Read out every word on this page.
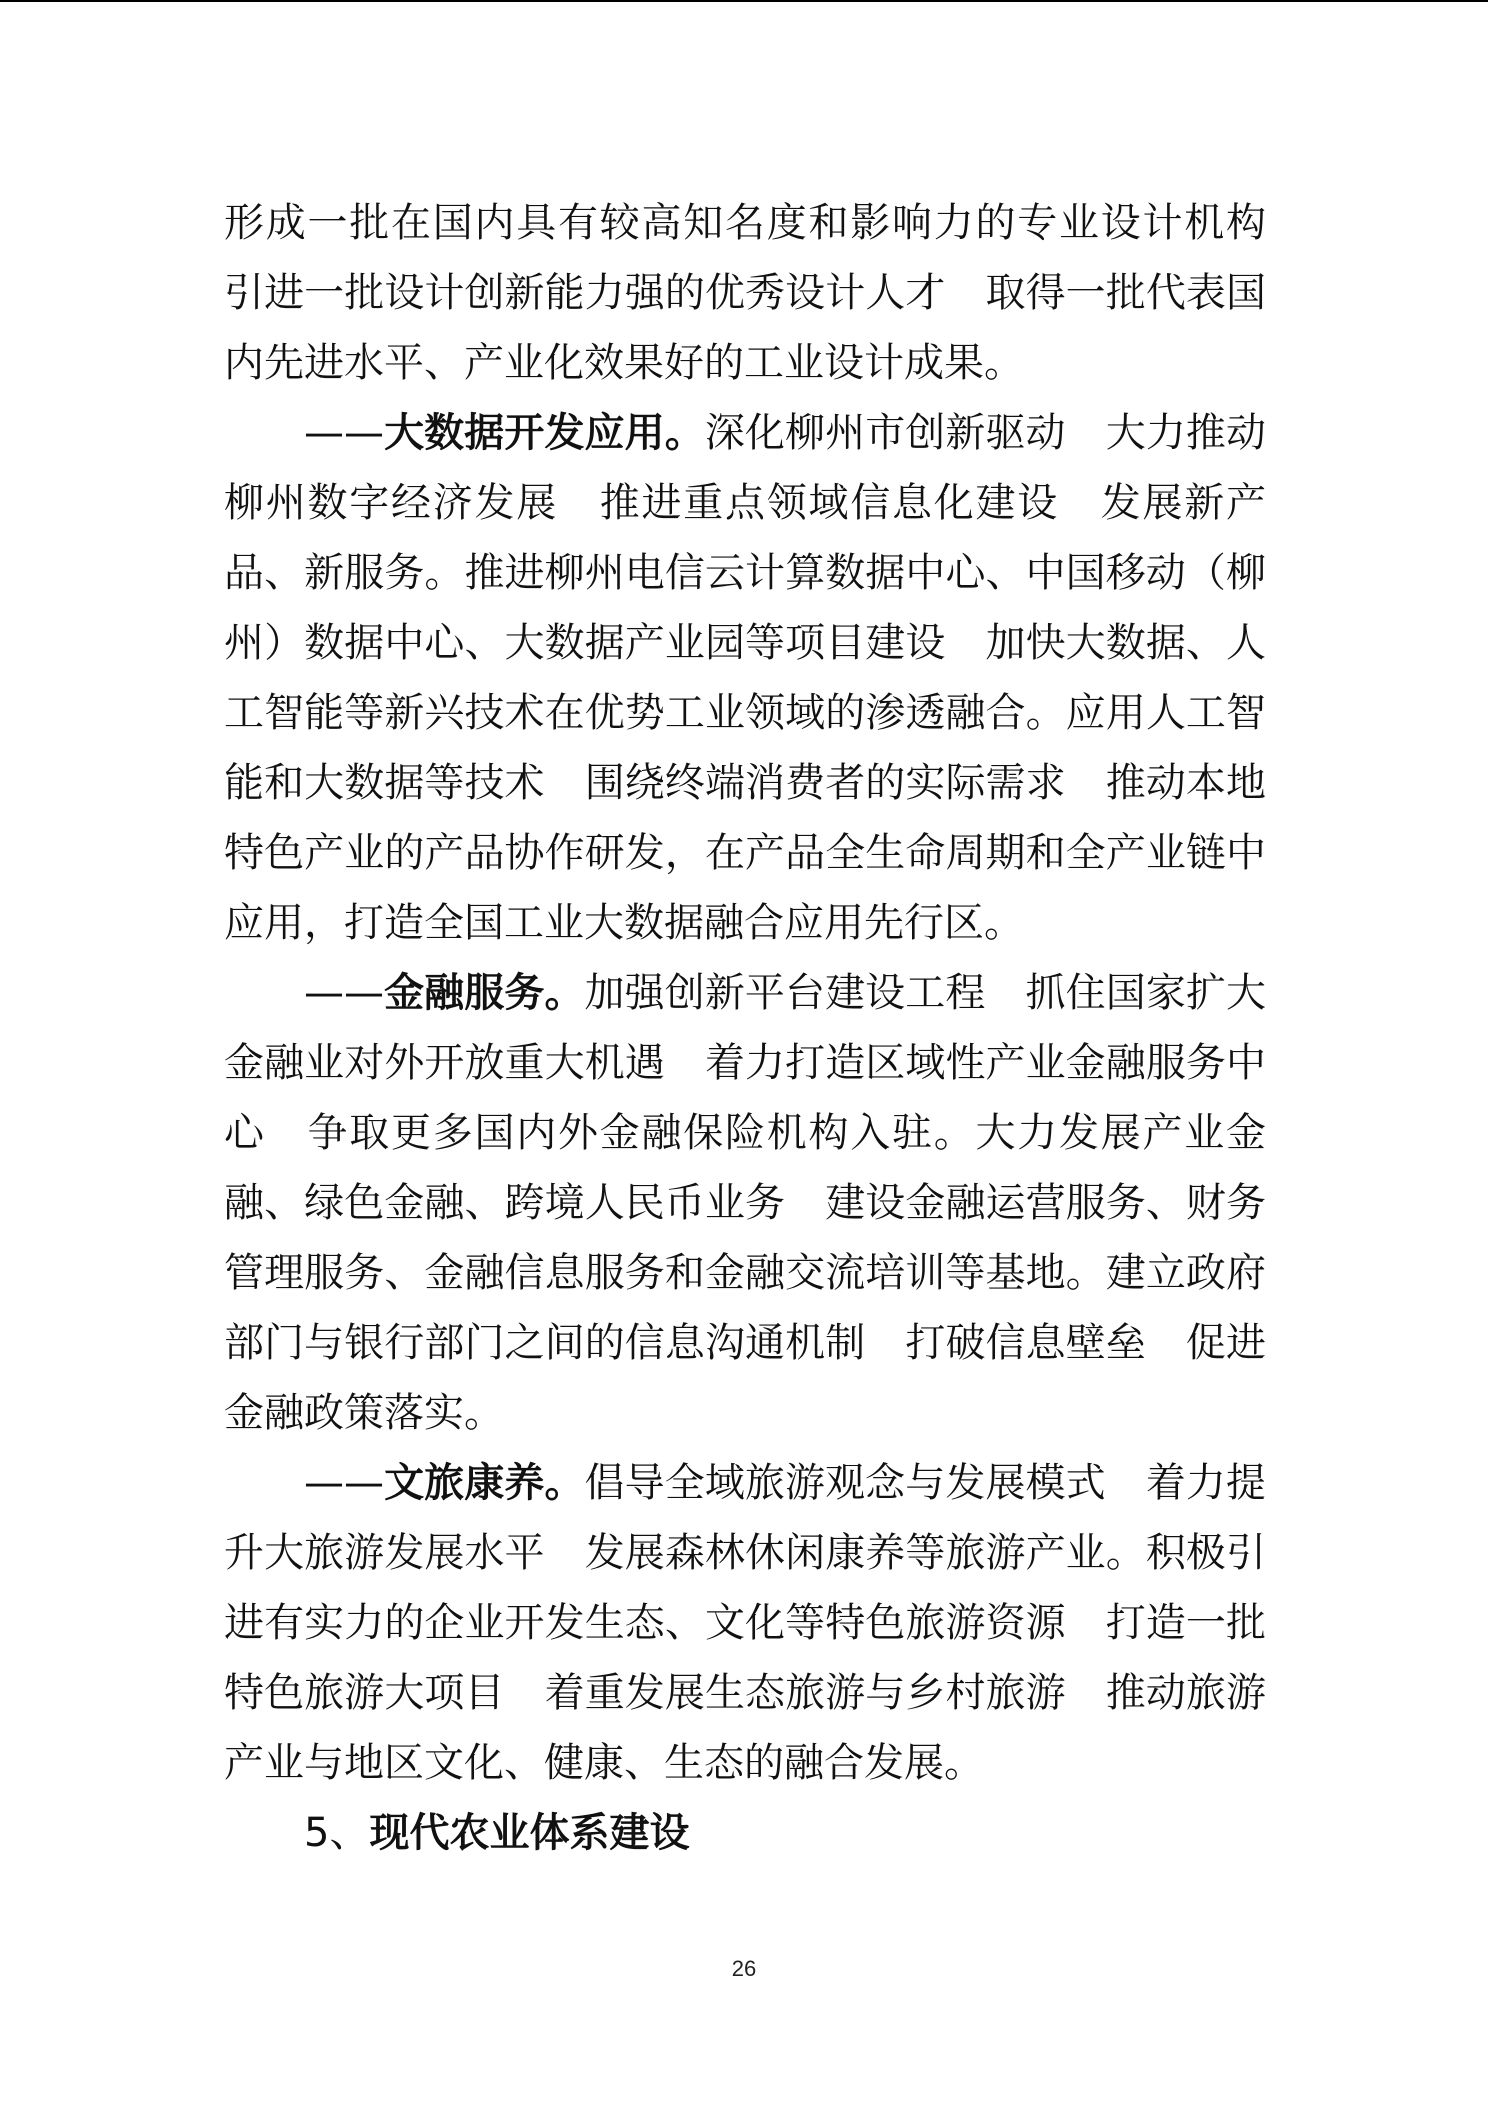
形成一批在国内具有较高知名度和影响力的专业设计机构　引进一批设计创新能力强的优秀设计人才　取得一批代表国内先进水平、产业化效果好的工业设计成果。

——大数据开发应用。深化柳州市创新驱动　大力推动柳州数字经济发展　推进重点领域信息化建设　发展新产品、新服务。推进柳州电信云计算数据中心、中国移动（柳州）数据中心、大数据产业园等项目建设　加快大数据、人工智能等新兴技术在优势工业领域的渗透融合。应用人工智能和大数据等技术　围绕终端消费者的实际需求　推动本地特色产业的产品协作研发，在产品全生命周期和全产业链中应用，打造全国工业大数据融合应用先行区。

——金融服务。加强创新平台建设工程　抓住国家扩大金融业对外开放重大机遇　着力打造区域性产业金融服务中心　争取更多国内外金融保险机构入驻。大力发展产业金融、绿色金融、跨境人民币业务　建设金融运营服务、财务管理服务、金融信息服务和金融交流培训等基地。建立政府部门与银行部门之间的信息沟通机制　打破信息壁垒　促进金融政策落实。

——文旅康养。倡导全域旅游观念与发展模式　着力提升大旅游发展水平　发展森林休闲康养等旅游产业。积极引进有实力的企业开发生态、文化等特色旅游资源　打造一批特色旅游大项目　着重发展生态旅游与乡村旅游　推动旅游产业与地区文化、健康、生态的融合发展。

5、现代农业体系建设

26
